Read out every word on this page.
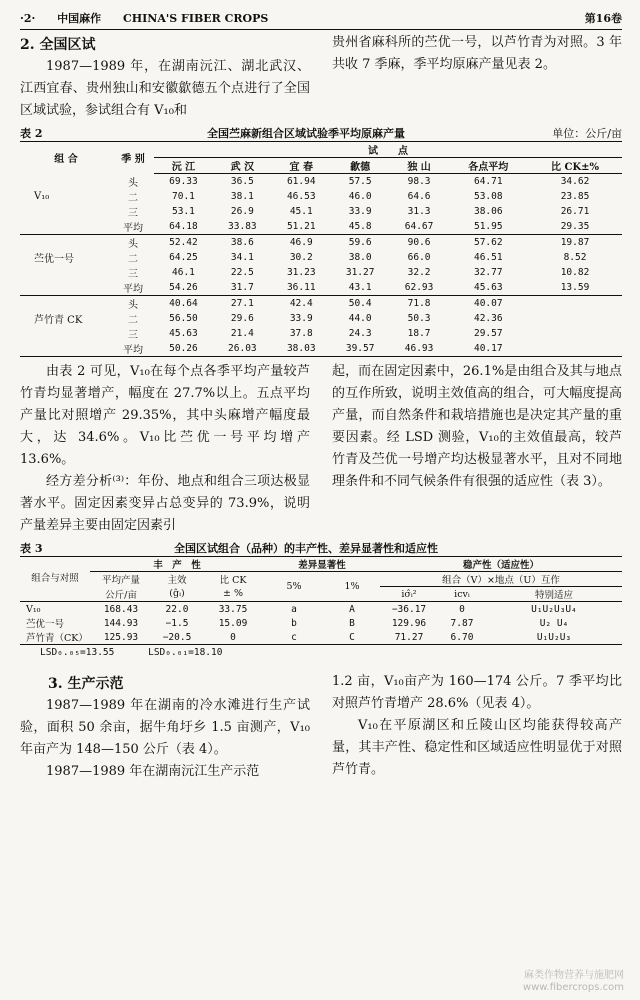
·2· 中国麻作 CHINA'S FIBER CROPS	第16卷
2. 全国区试

1987—1989 年，在湖南沅江、湖北武汉、江西宜春、贵州独山和安徽歙德五个点进行了全国区域试验，参试组合有 V₁₀和

贵州省麻科所的苎优一号，以芦竹青为对照。3 年共收 7 季麻，季平均原麻产量见表 2。

表 2	全国苎麻新组合区域试验季平均原麻产量	单位：公斤/亩
组 合	季 别	试　　点						
		沅 江	武 汉	宜 春	歙德	独 山	各点平均	比 CK±%
	头	69.33	36.5	61.94	57.5	98.3	64.71	34.62
V₁₀	二	70.1	38.1	46.53	46.0	64.6	53.08	23.85
	三	53.1	26.9	45.1	33.9	31.3	38.06	26.71
	平均	64.18	33.83	51.21	45.8	64.67	51.95	29.35
	头	52.42	38.6	46.9	59.6	90.6	57.62	19.87
苎优一号	二	64.25	34.1	30.2	38.0	66.0	46.51	8.52
	三	46.1	22.5	31.23	31.27	32.2	32.77	10.82
	平均	54.26	31.7	36.11	43.1	62.93	45.63	13.59
	头	40.64	27.1	42.4	50.4	71.8	40.07	
芦竹青 CK	二	56.50	29.6	33.9	44.0	50.3	42.36	
	三	45.63	21.4	37.8	24.3	18.7	29.57	
	平均	50.26	26.03	38.03	39.57	46.93	40.17	

由表 2 可见，V₁₀在每个点各季平均产量较芦竹青均显著增产，幅度在 27.7%以上。五点平均产量比对照增产 29.35%，其中头麻增产幅度最大，达 34.6%。V₁₀比苎优一号平均增产 13.6%。

经方差分析⁽³⁾：年份、地点和组合三项达极显著水平。固定因素变异占总变异的 73.9%，说明产量差异主要由固定因素引

起，而在固定因素中，26.1%是由组合及其与地点的互作所致，说明主效值高的组合，可大幅度提高产量，而自然条件和栽培措施也是决定其产量的重要因素。经 LSD 测验，V₁₀的主效值最高，较芦竹青及苎优一号增产均达极显著水平，且对不同地理条件和不同气候条件有很强的适应性（表 3）。

表 3	全国区试组合（品种）的丰产性、差异显著性和适应性
组合与对照	丰　产　性			差异显著性		稳产性（适应性）		
	平均产量	主效	比 CK	5%	1%	组合（V）×地点（U）互作		
	公斤/亩	(ĝᵢ)	± %			iσ̂ᵢ²	icvᵢ	特别适应
V₁₀	168.43	22.0	33.75	a	A	−36.17	0	U₁U₂U₃U₄
苎优一号	144.93	−1.5	15.09	b	B	129.96	7.87	U₂ U₄
芦竹青（CK）	125.93	−20.5	0	c	C	71.27	6.70	U₁U₂U₃
LSD₀.₀₅=13.55	LSD₀.₀₁=18.10
3. 生产示范

1987—1989 年在湖南的冷水滩进行生产试验，面积 50 余亩，据牛角圩乡 1.5 亩测产，V₁₀年亩产为 148—150 公斤（表 4）。

1987—1989 年在湖南沅江生产示范

1.2 亩，V₁₀亩产为 160—174 公斤。7 季平均比对照芦竹青增产 28.6%（见表 4）。

V₁₀在平原湖区和丘陵山区均能获得较高产量，其丰产性、稳定性和区域适应性明显优于对照芦竹青。

麻类作物营养与施肥网
www.fibercrops.com
